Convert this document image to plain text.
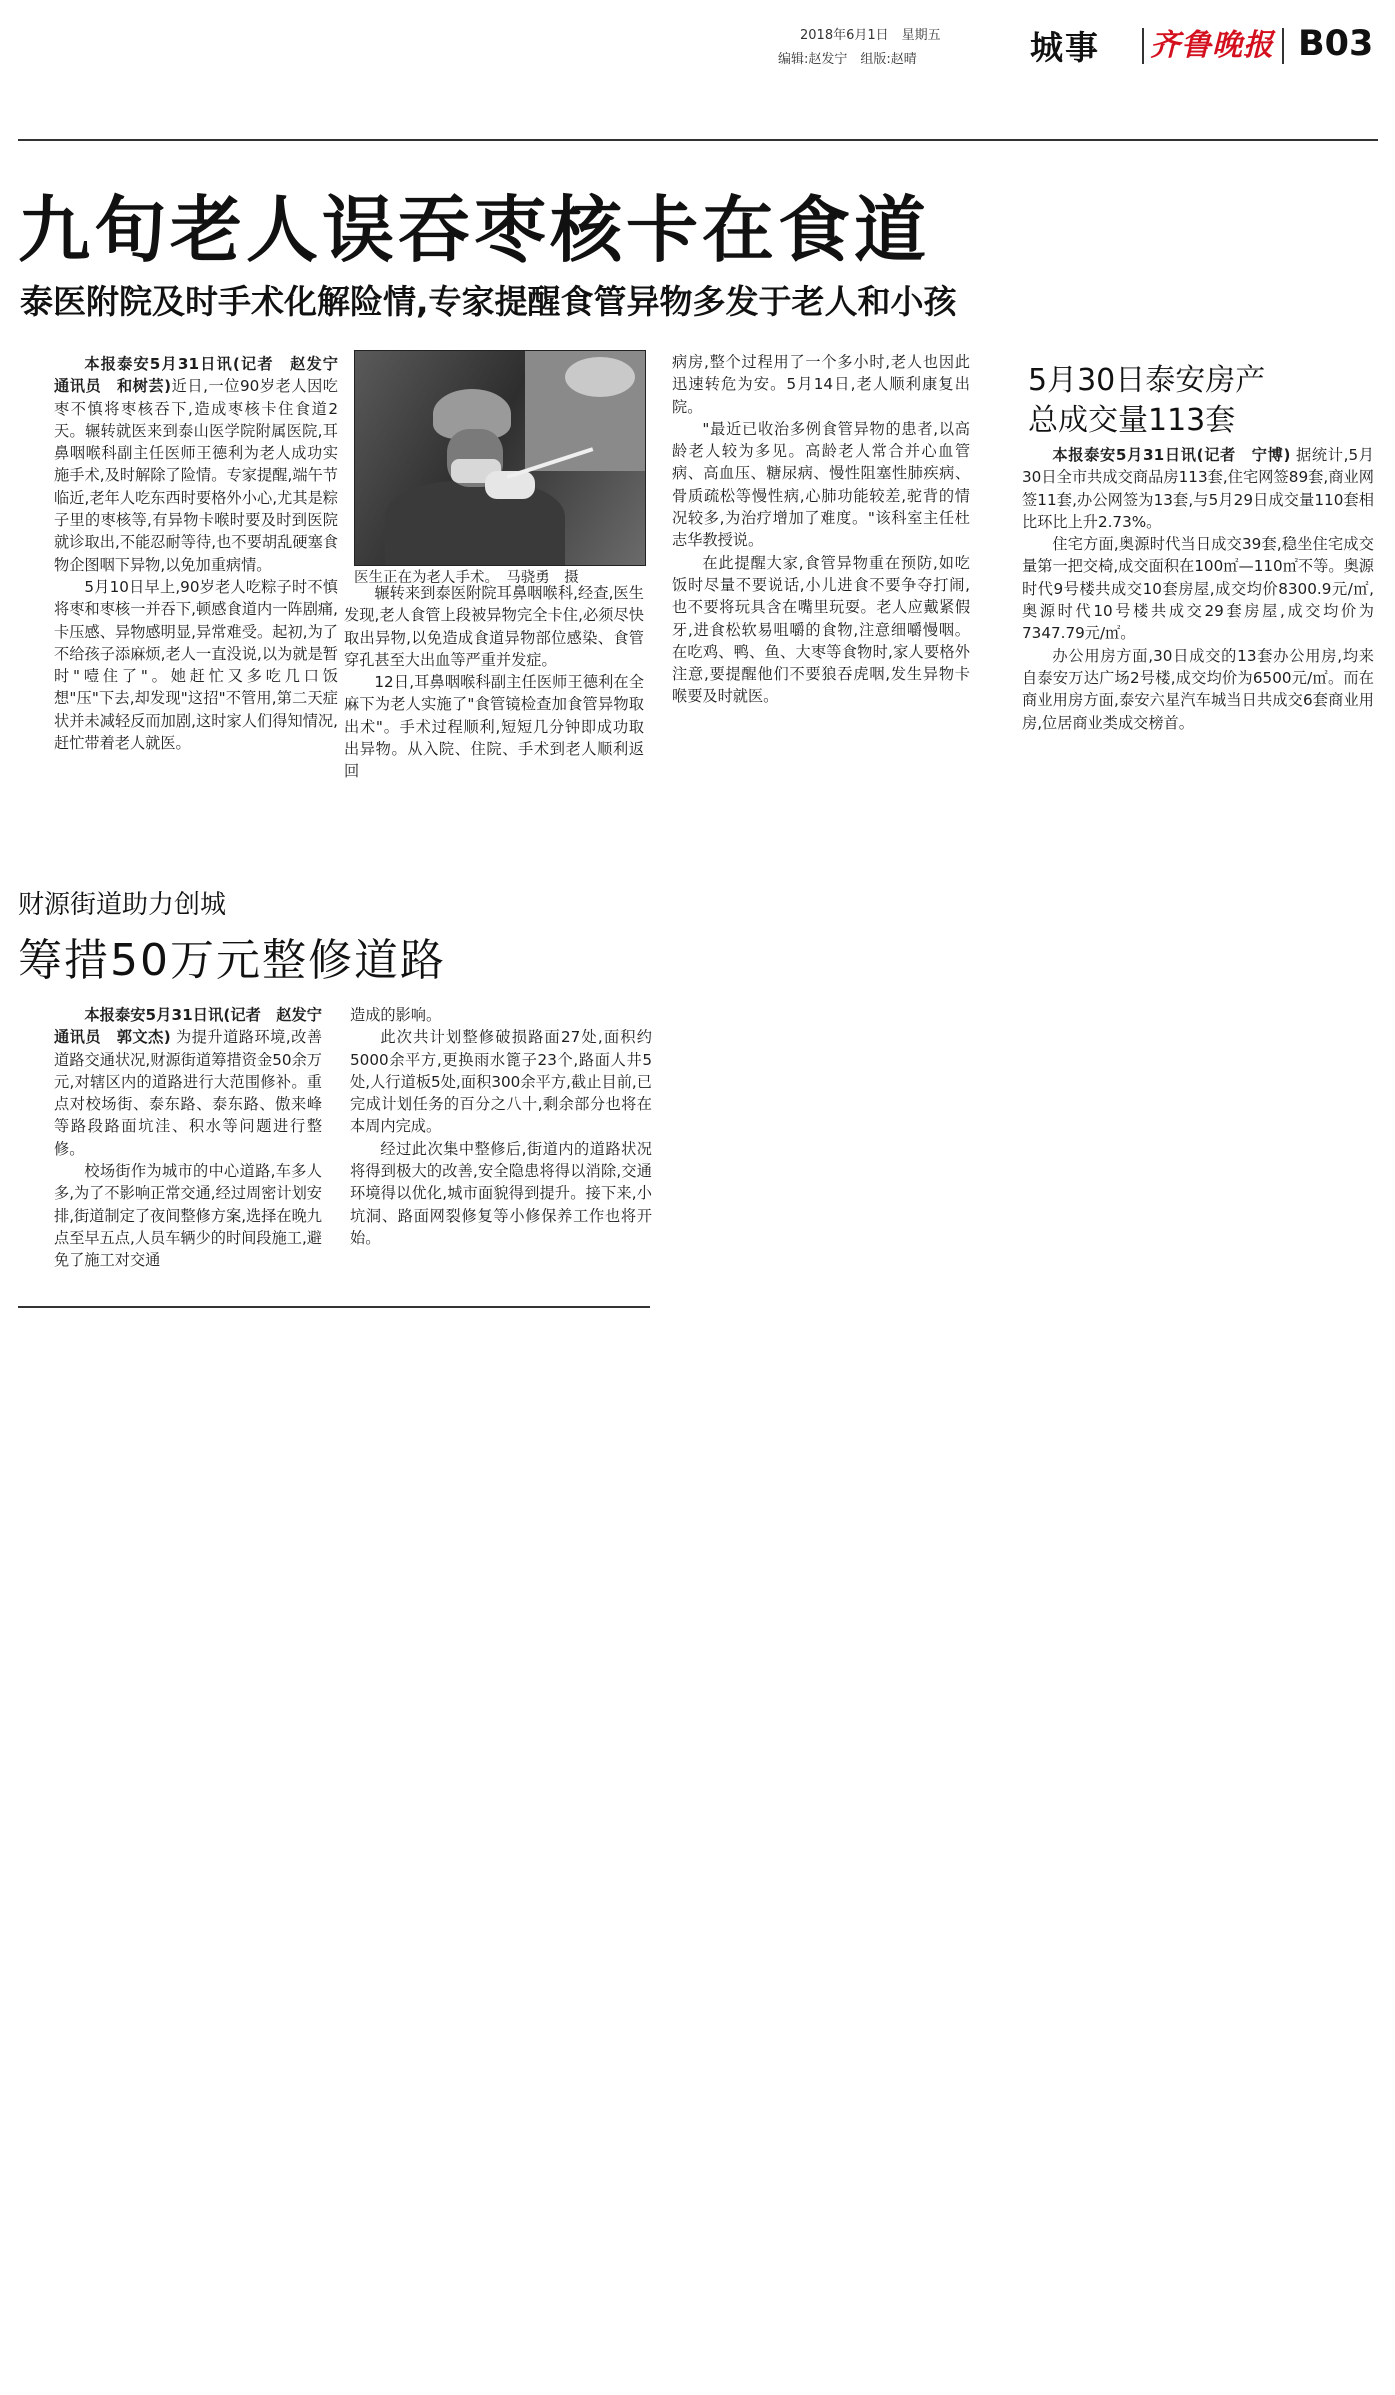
2018年6月1日　星期五
编辑:赵发宁　组版:赵晴	城事 齐鲁晚报 B03
九旬老人误吞枣核卡在食道
泰医附院及时手术化解险情,专家提醒食管异物多发于老人和小孩

本报泰安5月31日讯(记者　赵发宁　通讯员　和树芸)近日,一位90岁老人因吃枣不慎将枣核吞下,造成枣核卡住食道2天。辗转就医来到泰山医学院附属医院,耳鼻咽喉科副主任医师王德利为老人成功实施手术,及时解除了险情。专家提醒,端午节临近,老年人吃东西时要格外小心,尤其是粽子里的枣核等,有异物卡喉时要及时到医院就诊取出,不能忍耐等待,也不要胡乱硬塞食物企图咽下异物,以免加重病情。

5月10日早上,90岁老人吃粽子时不慎将枣和枣核一并吞下,顿感食道内一阵剧痛,卡压感、异物感明显,异常难受。起初,为了不给孩子添麻烦,老人一直没说,以为就是暂时"噎住了"。她赶忙又多吃几口饭想"压"下去,却发现"这招"不管用,第二天症状并未减轻反而加剧,这时家人们得知情况,赶忙带着老人就医。

医生正在为老人手术。　马骁勇　摄

辗转来到泰医附院耳鼻咽喉科,经查,医生发现,老人食管上段被异物完全卡住,必须尽快取出异物,以免造成食道异物部位感染、食管穿孔甚至大出血等严重并发症。

12日,耳鼻咽喉科副主任医师王德利在全麻下为老人实施了"食管镜检查加食管异物取出术"。手术过程顺利,短短几分钟即成功取出异物。从入院、住院、手术到老人顺利返回

病房,整个过程用了一个多小时,老人也因此迅速转危为安。5月14日,老人顺利康复出院。

"最近已收治多例食管异物的患者,以高龄老人较为多见。高龄老人常合并心血管病、高血压、糖尿病、慢性阻塞性肺疾病、骨质疏松等慢性病,心肺功能较差,驼背的情况较多,为治疗增加了难度。"该科室主任杜志华教授说。

在此提醒大家,食管异物重在预防,如吃饭时尽量不要说话,小儿进食不要争夺打闹,也不要将玩具含在嘴里玩耍。老人应戴紧假牙,进食松软易咀嚼的食物,注意细嚼慢咽。在吃鸡、鸭、鱼、大枣等食物时,家人要格外注意,要提醒他们不要狼吞虎咽,发生异物卡喉要及时就医。

5月30日泰安房产
总成交量113套

本报泰安5月31日讯(记者　宁博) 据统计,5月30日全市共成交商品房113套,住宅网签89套,商业网签11套,办公网签为13套,与5月29日成交量110套相比环比上升2.73%。

住宅方面,奥源时代当日成交39套,稳坐住宅成交量第一把交椅,成交面积在100㎡—110㎡不等。奥源时代9号楼共成交10套房屋,成交均价8300.9元/㎡,奥源时代10号楼共成交29套房屋,成交均价为7347.79元/㎡。

办公用房方面,30日成交的13套办公用房,均来自泰安万达广场2号楼,成交均价为6500元/㎡。而在商业用房方面,泰安六星汽车城当日共成交6套商业用房,位居商业类成交榜首。

财源街道助力创城
筹措50万元整修道路

本报泰安5月31日讯(记者　赵发宁　通讯员　郭文杰) 为提升道路环境,改善道路交通状况,财源街道筹措资金50余万元,对辖区内的道路进行大范围修补。重点对校场街、泰东路、泰东路、傲来峰等路段路面坑洼、积水等问题进行整修。

校场街作为城市的中心道路,车多人多,为了不影响正常交通,经过周密计划安排,街道制定了夜间整修方案,选择在晚九点至早五点,人员车辆少的时间段施工,避免了施工对交通

造成的影响。

此次共计划整修破损路面27处,面积约5000余平方,更换雨水篦子23个,路面人井5处,人行道板5处,面积300余平方,截止目前,已完成计划任务的百分之八十,剩余部分也将在本周内完成。

经过此次集中整修后,街道内的道路状况将得到极大的改善,安全隐患将得以消除,交通环境得以优化,城市面貌得到提升。接下来,小坑洞、路面网裂修复等小修保养工作也将开始。
